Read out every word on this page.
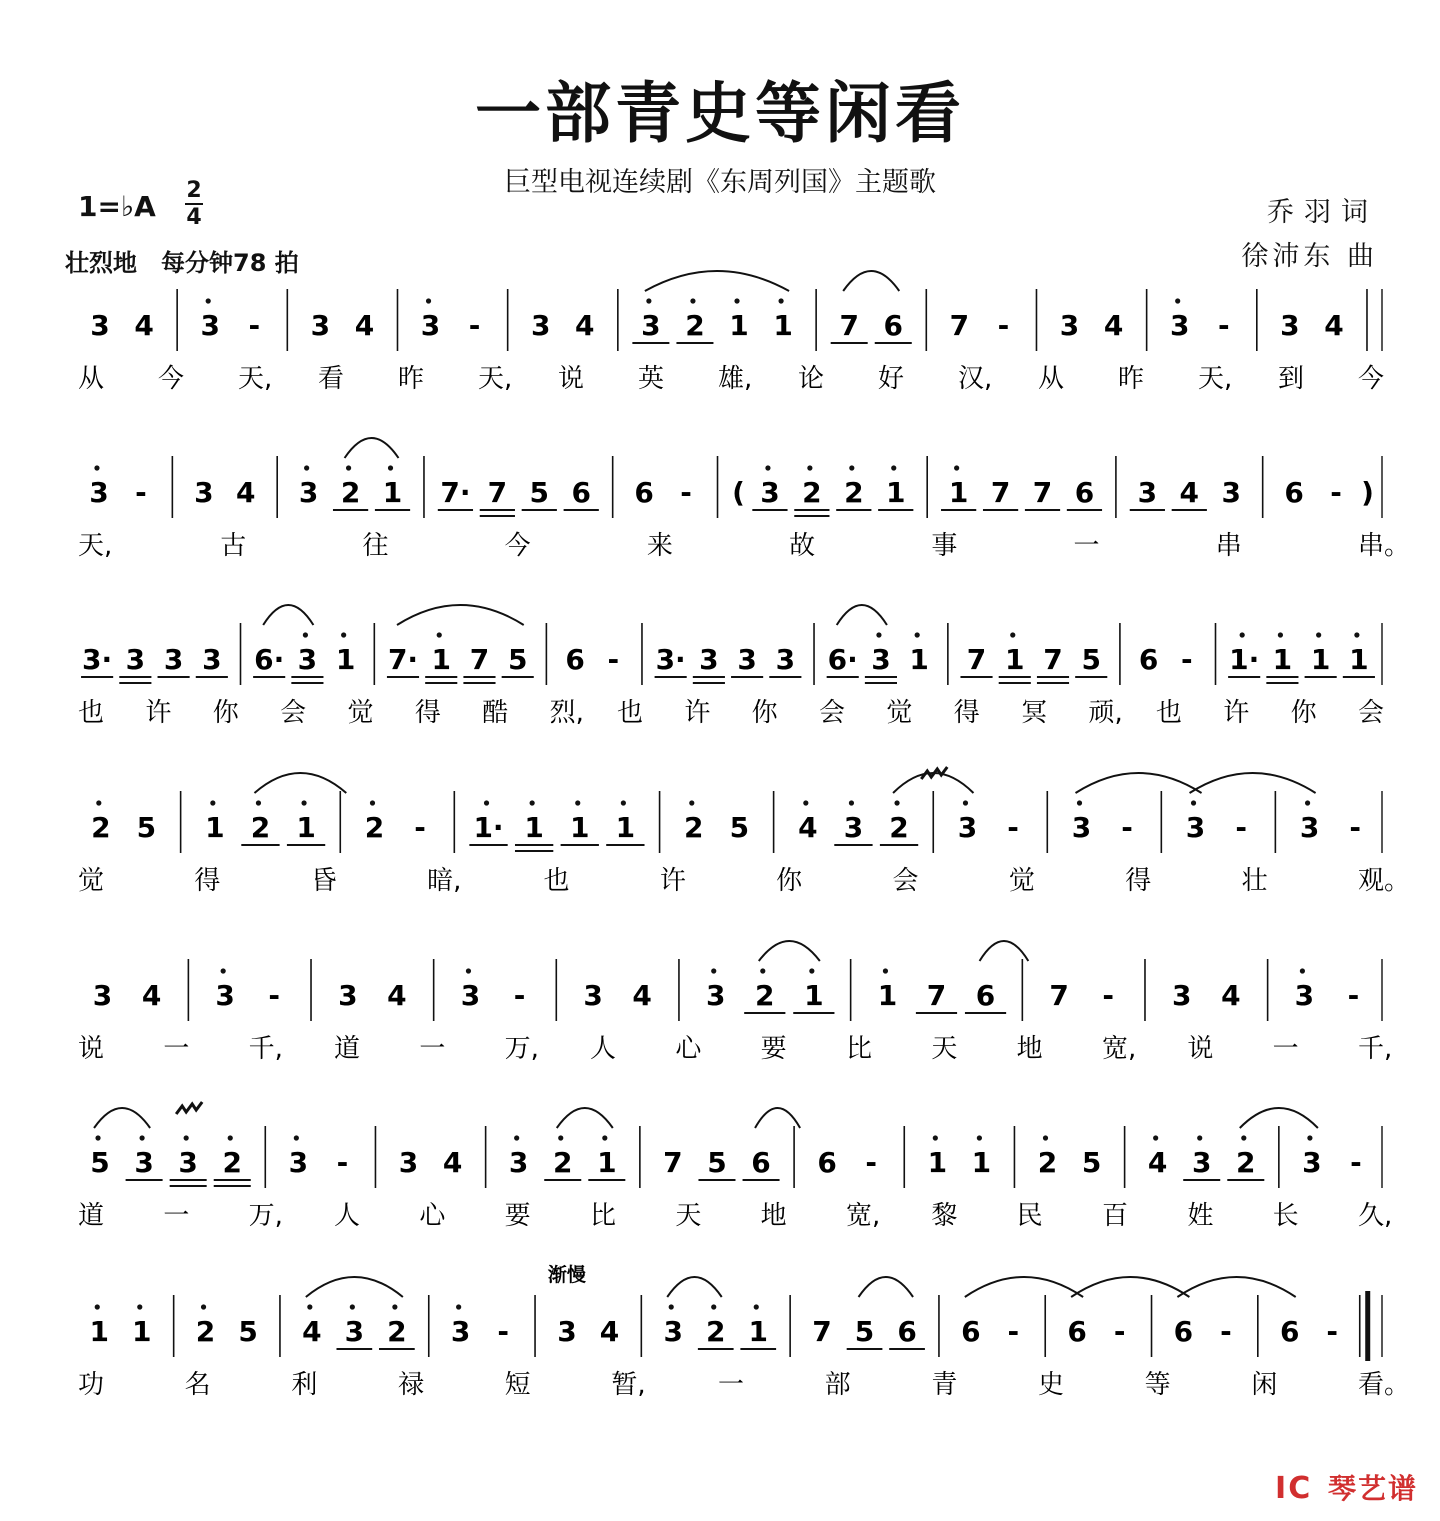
一部青史等闲看
巨型电视连续剧《东周列国》主题歌
1=♭A 2
4
壮烈地　每分钟78 拍
乔羽词
徐沛东 曲
3 4 3 - 3 4 3 - 3 4 3 2 1 1 7 6 7 - 3 4 3 - 3 4
从 今 天, 看 昨 天, 说 英 雄, 论 好 汉, 从 昨 天, 到 今
3 - 3 4 3 2 1 7· 7 5 6 6 - ( 3 2 2 1 1 7 7 6 3 4 3 6 - )
天,	古	往	今	来	故	事	一	串	串。
3· 3 3 3 6· 3 1 7· 1 7 5 6 - 3· 3 3 3 6· 3 1 7 1 7 5 6 - 1· 1 1 1
也 许 你 会 觉 得 酷 烈, 也 许 你 会 觉 得 冥 顽, 也 许 你 会
2 5 1 2 1 2 - 1· 1 1 1 2 5 4 3 2 3 - 3 - 3 - 3 -
觉	得	昏	暗,	也	许	你	会	觉	得	壮	观。
3 4 3 - 3 4 3 - 3 4 3 2 1 1 7 6 7 - 3 4 3 -
说 一 千, 道 一 万, 人 心 要 比 天 地 宽, 说 一 千,
5 3 3 2 3 - 3 4 3 2 1 7 5 6 6 - 1 1 2 5 4 3 2 3 -
道 一 万, 人 心 要 比 天 地 宽, 黎 民 百 姓 长 久,
1 1 2 5 4 3 2 3 - 3 4 3 2 1 7 5 6 6 - 6 - 6 - 6 -
渐慢
功	名	利	禄	短	暂,	一	部	青	史	等	闲	看。
IC 琴艺谱
